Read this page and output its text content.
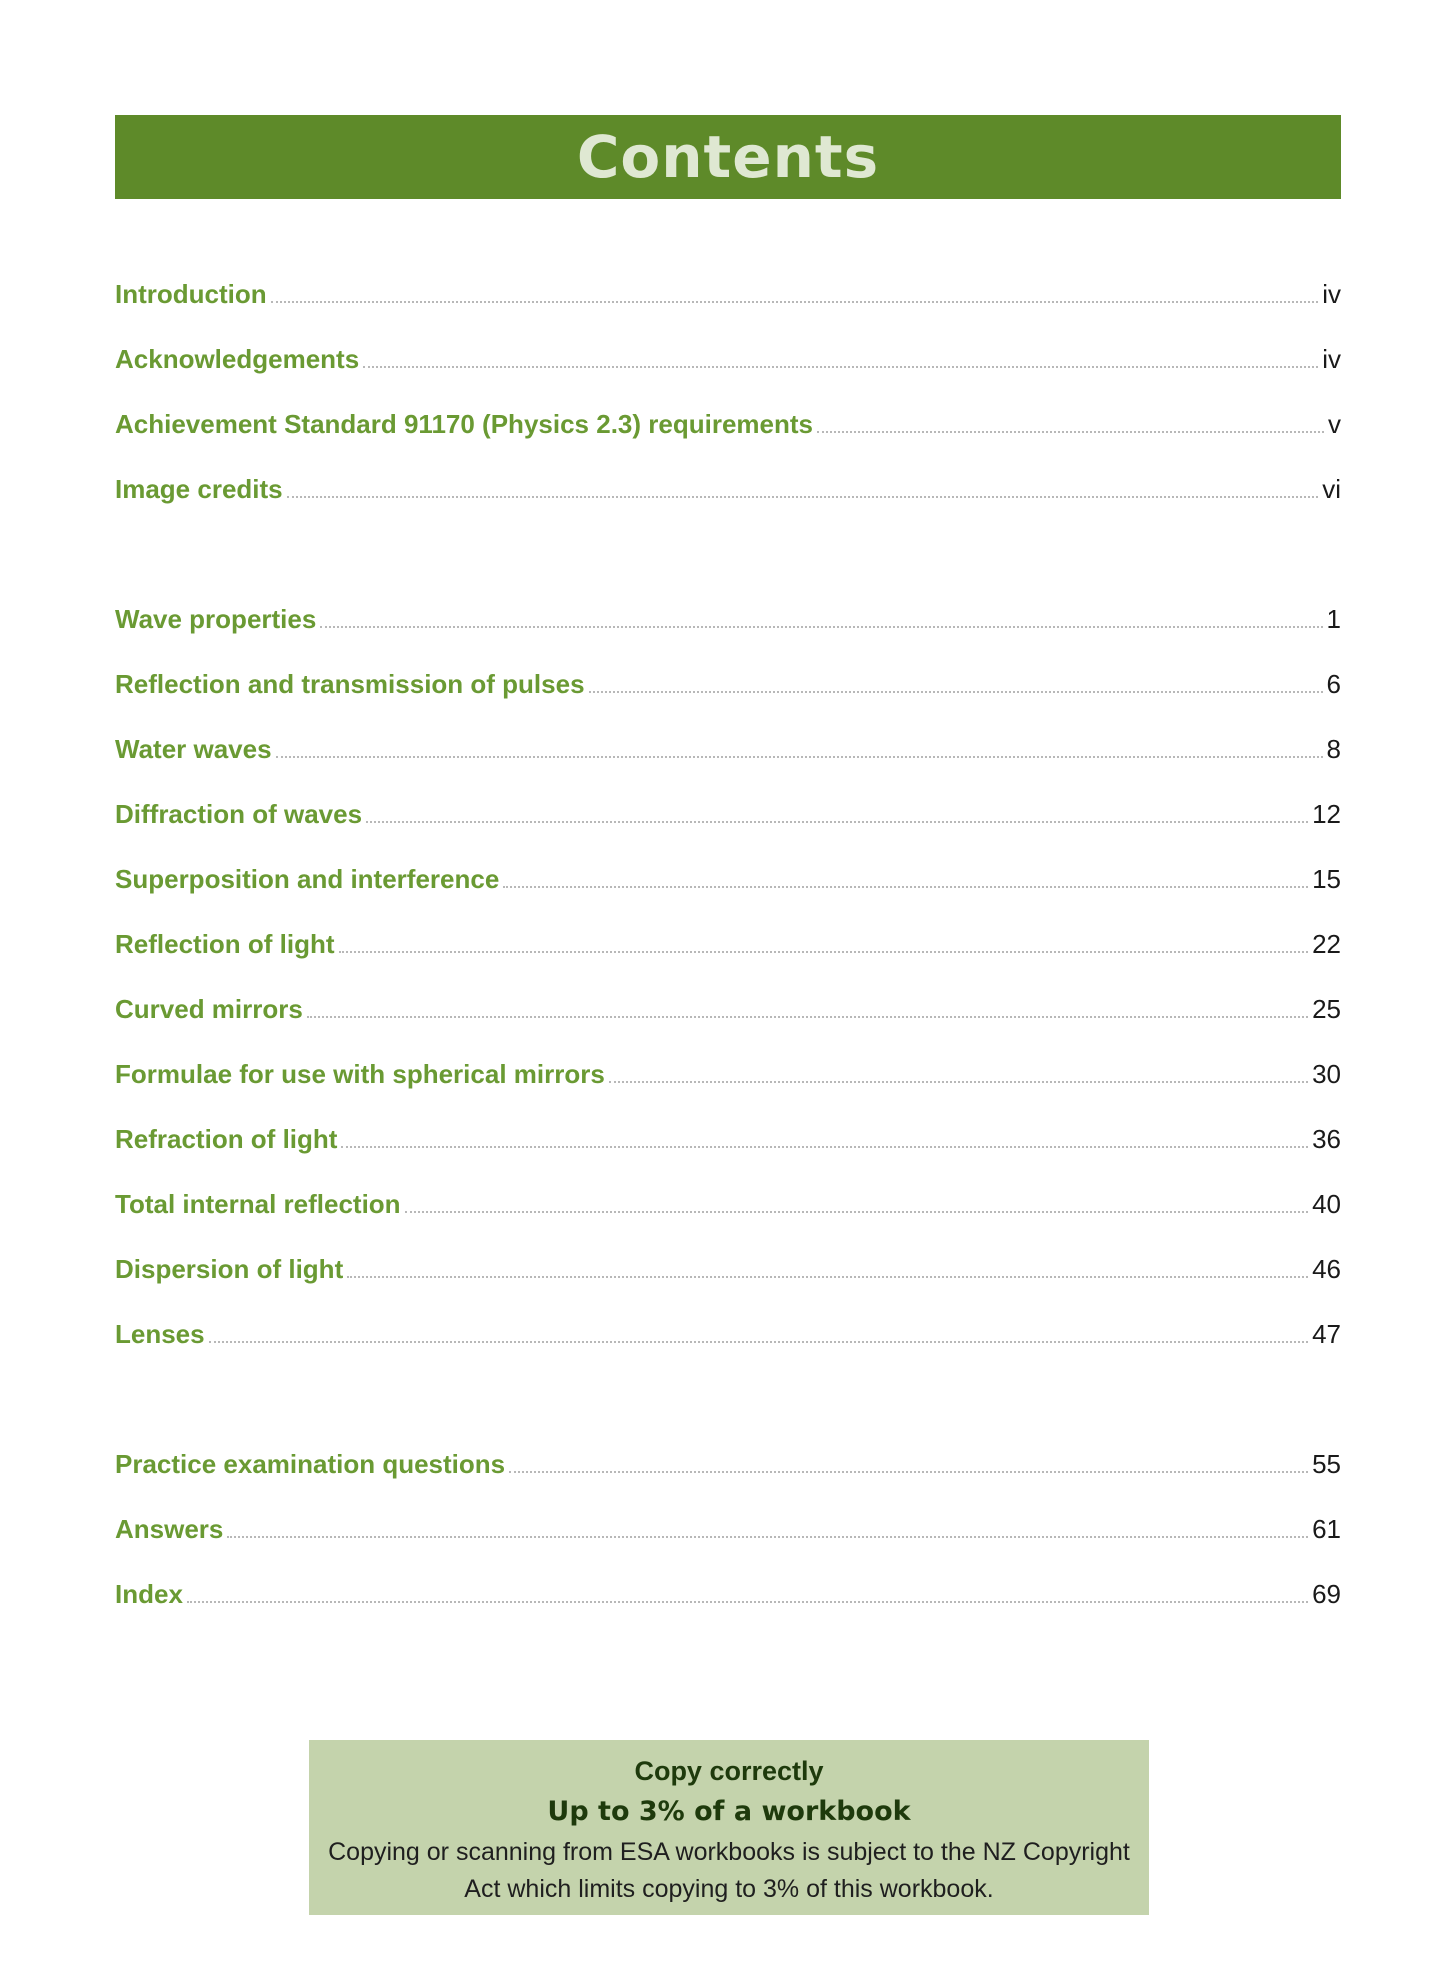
Contents
Introduction	iv
Acknowledgements	iv
Achievement Standard 91170 (Physics 2.3) requirements	v
Image credits	vi
Wave properties	1
Reflection and transmission of pulses	6
Water waves	8
Diffraction of waves	12
Superposition and interference	15
Reflection of light	22
Curved mirrors	25
Formulae for use with spherical mirrors	30
Refraction of light	36
Total internal reflection	40
Dispersion of light	46
Lenses	47
Practice examination questions	55
Answers	61
Index	69
Copy correctly
Up to 3% of a workbook
Copying or scanning from ESA workbooks is subject to the NZ Copyright
Act which limits copying to 3% of this workbook.
